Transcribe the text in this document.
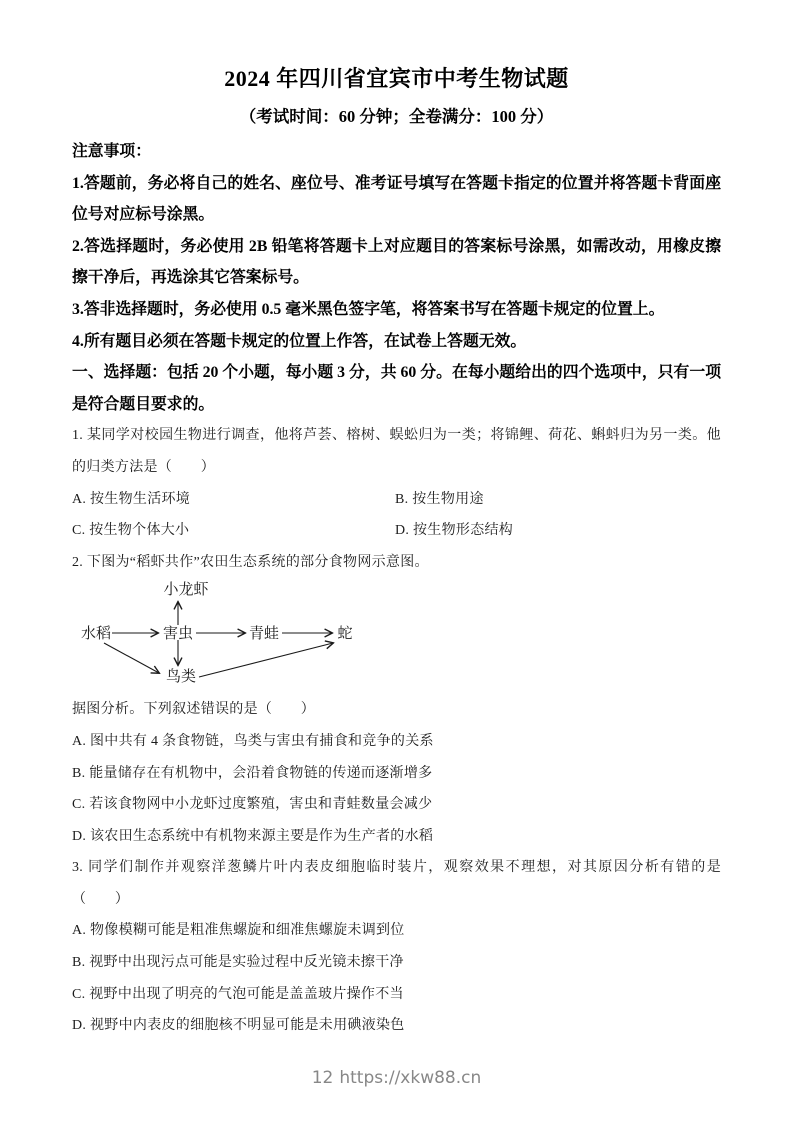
2024 年四川省宜宾市中考生物试题
（考试时间：60 分钟；全卷满分：100 分）

注意事项：

1.答题前，务必将自己的姓名、座位号、准考证号填写在答题卡指定的位置并将答题卡背面座位号对应标号涂黑。

2.答选择题时，务必使用 2B 铅笔将答题卡上对应题目的答案标号涂黑，如需改动，用橡皮擦擦干净后，再选涂其它答案标号。

3.答非选择题时，务必使用 0.5 毫米黑色签字笔，将答案书写在答题卡规定的位置上。

4.所有题目必须在答题卡规定的位置上作答，在试卷上答题无效。

一、选择题：包括 20 个小题，每小题 3 分，共 60 分。在每小题给出的四个选项中，只有一项是符合题目要求的。

1. 某同学对校园生物进行调查，他将芦荟、榕树、蜈蚣归为一类；将锦鲤、荷花、蝌蚪归为另一类。他的归类方法是（　　）

A. 按生物生活环境	B. 按生物用途
C. 按生物个体大小	D. 按生物形态结构

2. 下图为“稻虾共作”农田生态系统的部分食物网示意图。

小龙虾
水稻	害虫	青蛙	蛇
鸟类

据图分析。下列叙述错误的是（　　）

A. 图中共有 4 条食物链，鸟类与害虫有捕食和竞争的关系

B. 能量储存在有机物中，会沿着食物链的传递而逐渐增多

C. 若该食物网中小龙虾过度繁殖，害虫和青蛙数量会减少

D. 该农田生态系统中有机物来源主要是作为生产者的水稻

3. 同学们制作并观察洋葱鳞片叶内表皮细胞临时装片，观察效果不理想，对其原因分析有错的是（　　）

A. 物像模糊可能是粗准焦螺旋和细准焦螺旋未调到位

B. 视野中出现污点可能是实验过程中反光镜未擦干净

C. 视野中出现了明亮的气泡可能是盖盖玻片操作不当

D. 视野中内表皮的细胞核不明显可能是未用碘液染色

12 https://xkw88.cn
